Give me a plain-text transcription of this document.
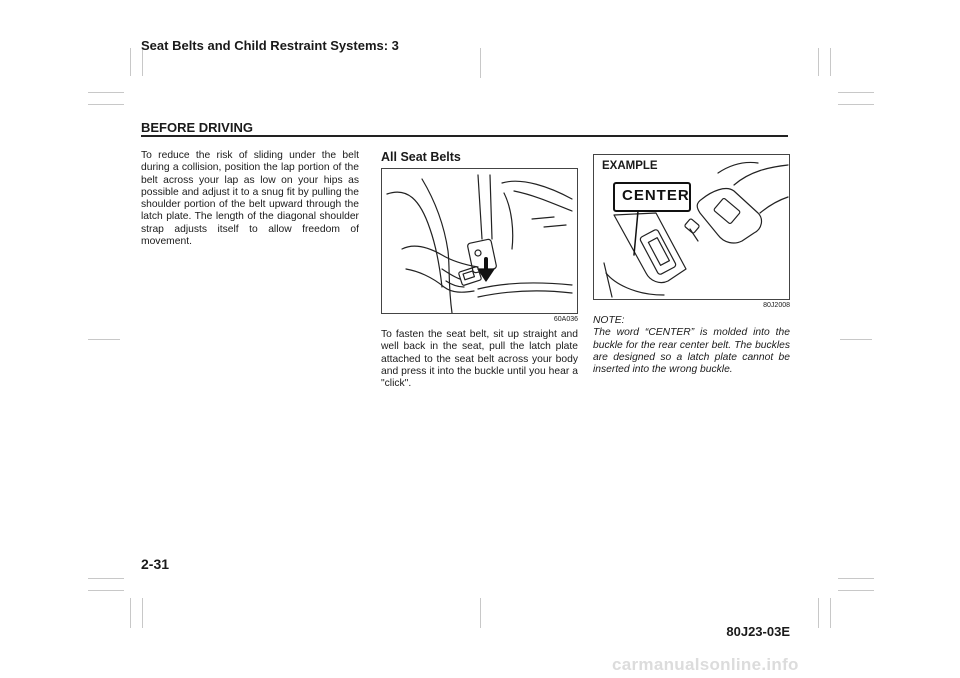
Seat Belts and Child Restraint Systems: 3
BEFORE DRIVING
To reduce the risk of sliding under the belt during a collision, position the lap portion of the belt across your lap as low on your hips as possible and adjust it to a snug fit by pulling the shoulder portion of the belt upward through the latch plate. The length of the diagonal shoulder strap adjusts itself to allow freedom of movement.
All Seat Belts
60A036
To fasten the seat belt, sit up straight and well back in the seat, pull the latch plate attached to the seat belt across your body and press it into the buckle until you hear a "click".
EXAMPLE
CENTER
80J2008
NOTE:
The word “CENTER” is molded into the buckle for the rear center belt. The buckles are designed so a latch plate cannot be inserted into the wrong buckle.
2-31
80J23-03E
carmanualsonline.info
